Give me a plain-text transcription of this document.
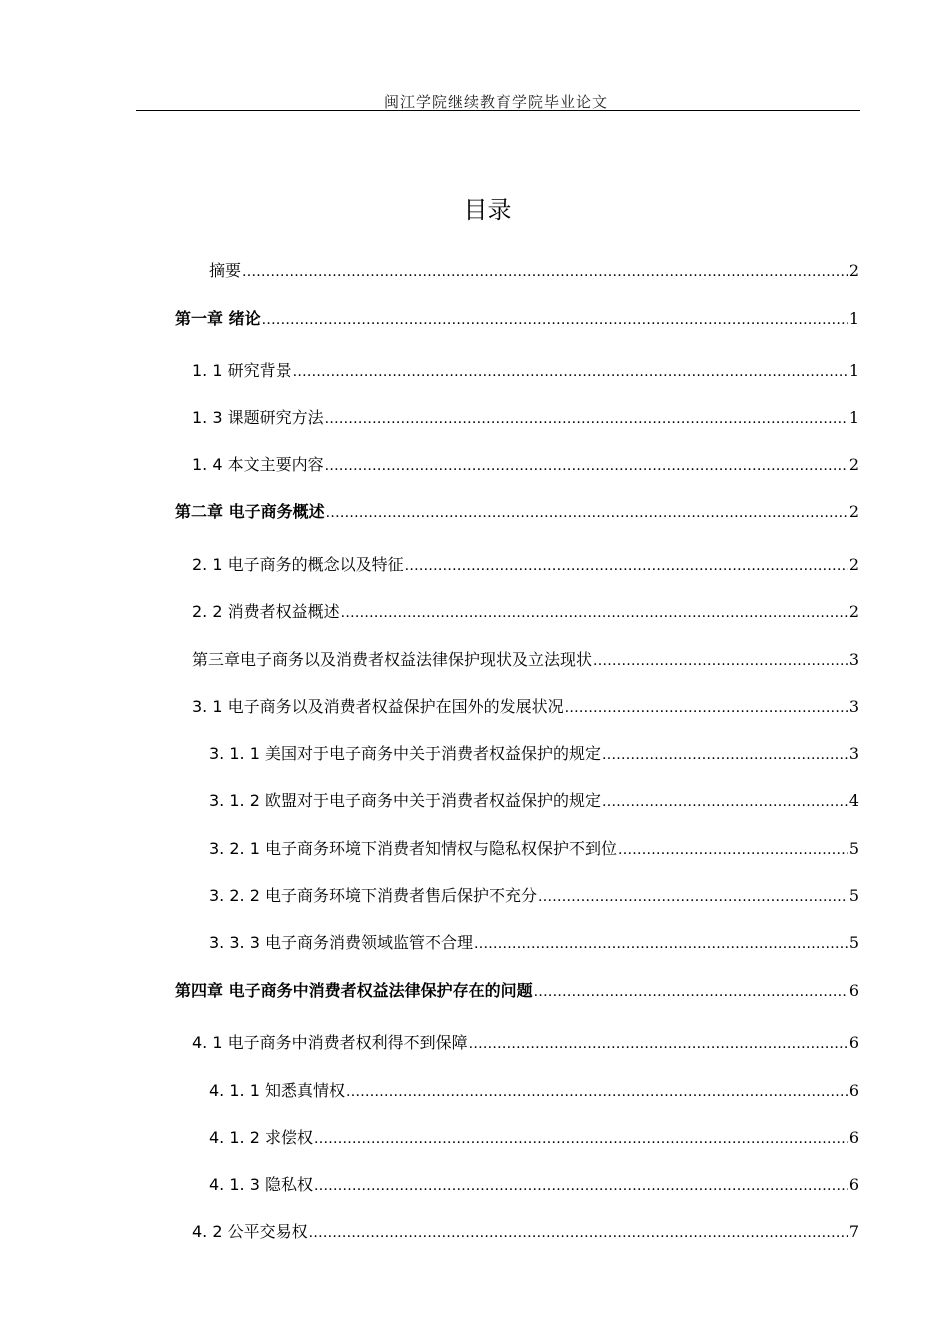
闽江学院继续教育学院毕业论文
目录
摘要 .....	2
第一章 绪论 .....	1
1. 1 研究背景 .....	1
1. 3 课题研究方法 .....	1
1. 4 本文主要内容 .....	2
第二章 电子商务概述 .....	2
2. 1 电子商务的概念以及特征 .....	2
2. 2 消费者权益概述 .....	2
第三章电子商务以及消费者权益法律保护现状及立法现状 .....	3
3. 1 电子商务以及消费者权益保护在国外的发展状况 .....	3
3. 1. 1 美国对于电子商务中关于消费者权益保护的规定 .....	3
3. 1. 2 欧盟对于电子商务中关于消费者权益保护的规定 .....	4
3. 2. 1 电子商务环境下消费者知情权与隐私权保护不到位 .....	5
3. 2. 2 电子商务环境下消费者售后保护不充分 .....	5
3. 3. 3 电子商务消费领域监管不合理 .....	5
第四章 电子商务中消费者权益法律保护存在的问题 .....	6
4. 1 电子商务中消费者权利得不到保障 .....	6
4. 1. 1 知悉真情权 .....	6
4. 1. 2 求偿权 .....	6
4. 1. 3 隐私权 .....	6
4. 2 公平交易权 .....	7
